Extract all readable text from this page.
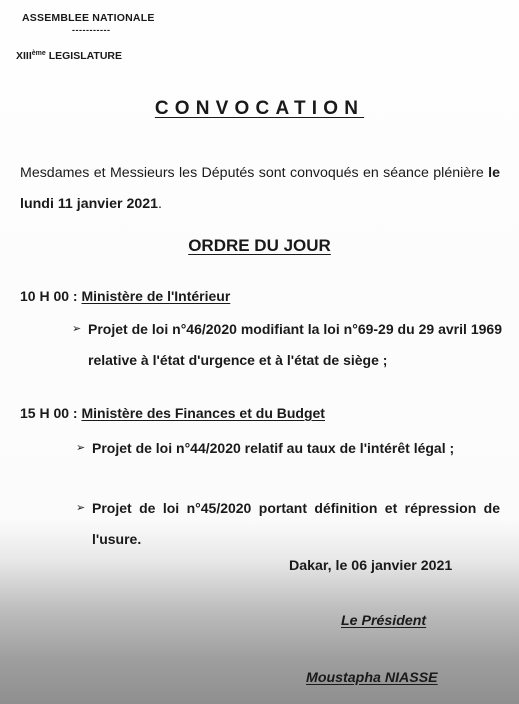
ASSEMBLEE NATIONALE
-----------
XIIIème LEGISLATURE
CONVOCATION
Mesdames et Messieurs les Députés sont convoqués en séance plénière le lundi 11 janvier 2021.
ORDRE DU JOUR
10 H 00 : Ministère de l'Intérieur
➢ Projet de loi n°46/2020 modifiant la loi n°69-29 du 29 avril 1969 relative à l'état d'urgence et à l'état de siège ;
15 H 00 : Ministère des Finances et du Budget
➢ Projet de loi n°44/2020 relatif au taux de l'intérêt légal ;
➢ Projet de loi n°45/2020 portant définition et répression de l'usure.
Dakar, le 06 janvier 2021
Le Président
Moustapha NIASSE
